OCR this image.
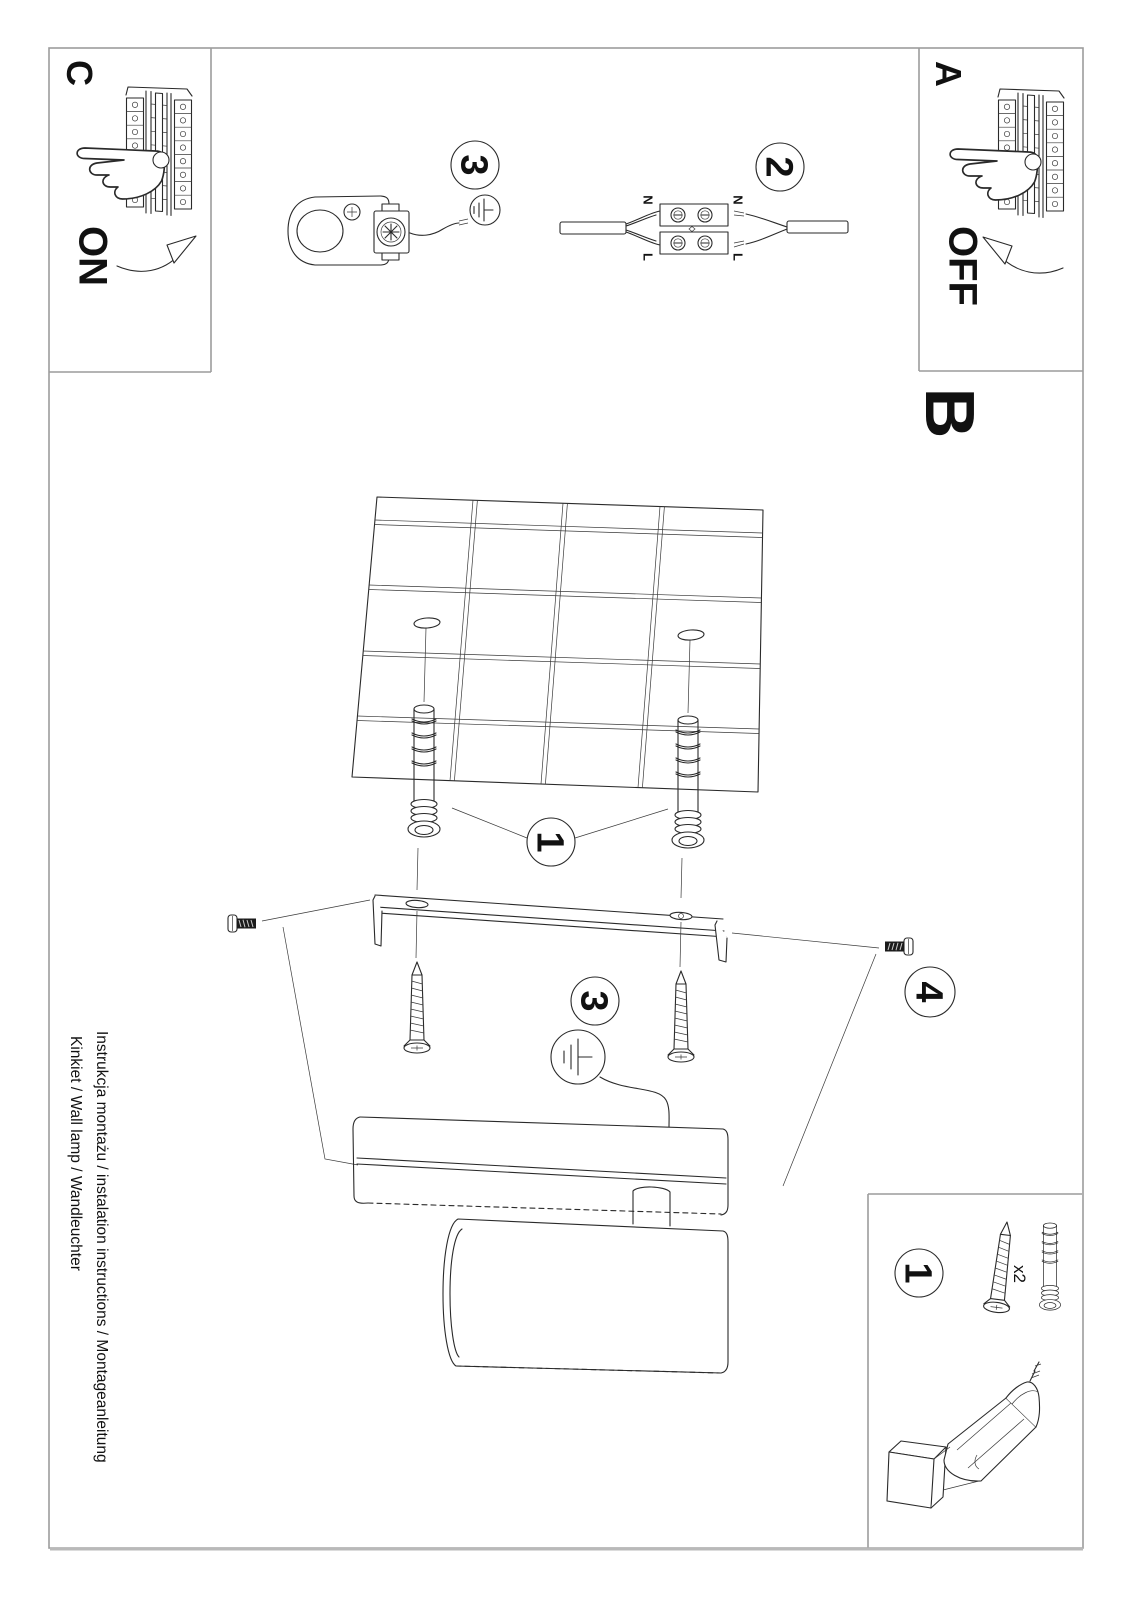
C
ON
A
OFF
B
3	2
N	N
L	L
1
4
3
1	x2
Instrukcja montażu / instalation instructions / Montageanleitung
Kinkiet / Wall lamp / Wandleuchter
